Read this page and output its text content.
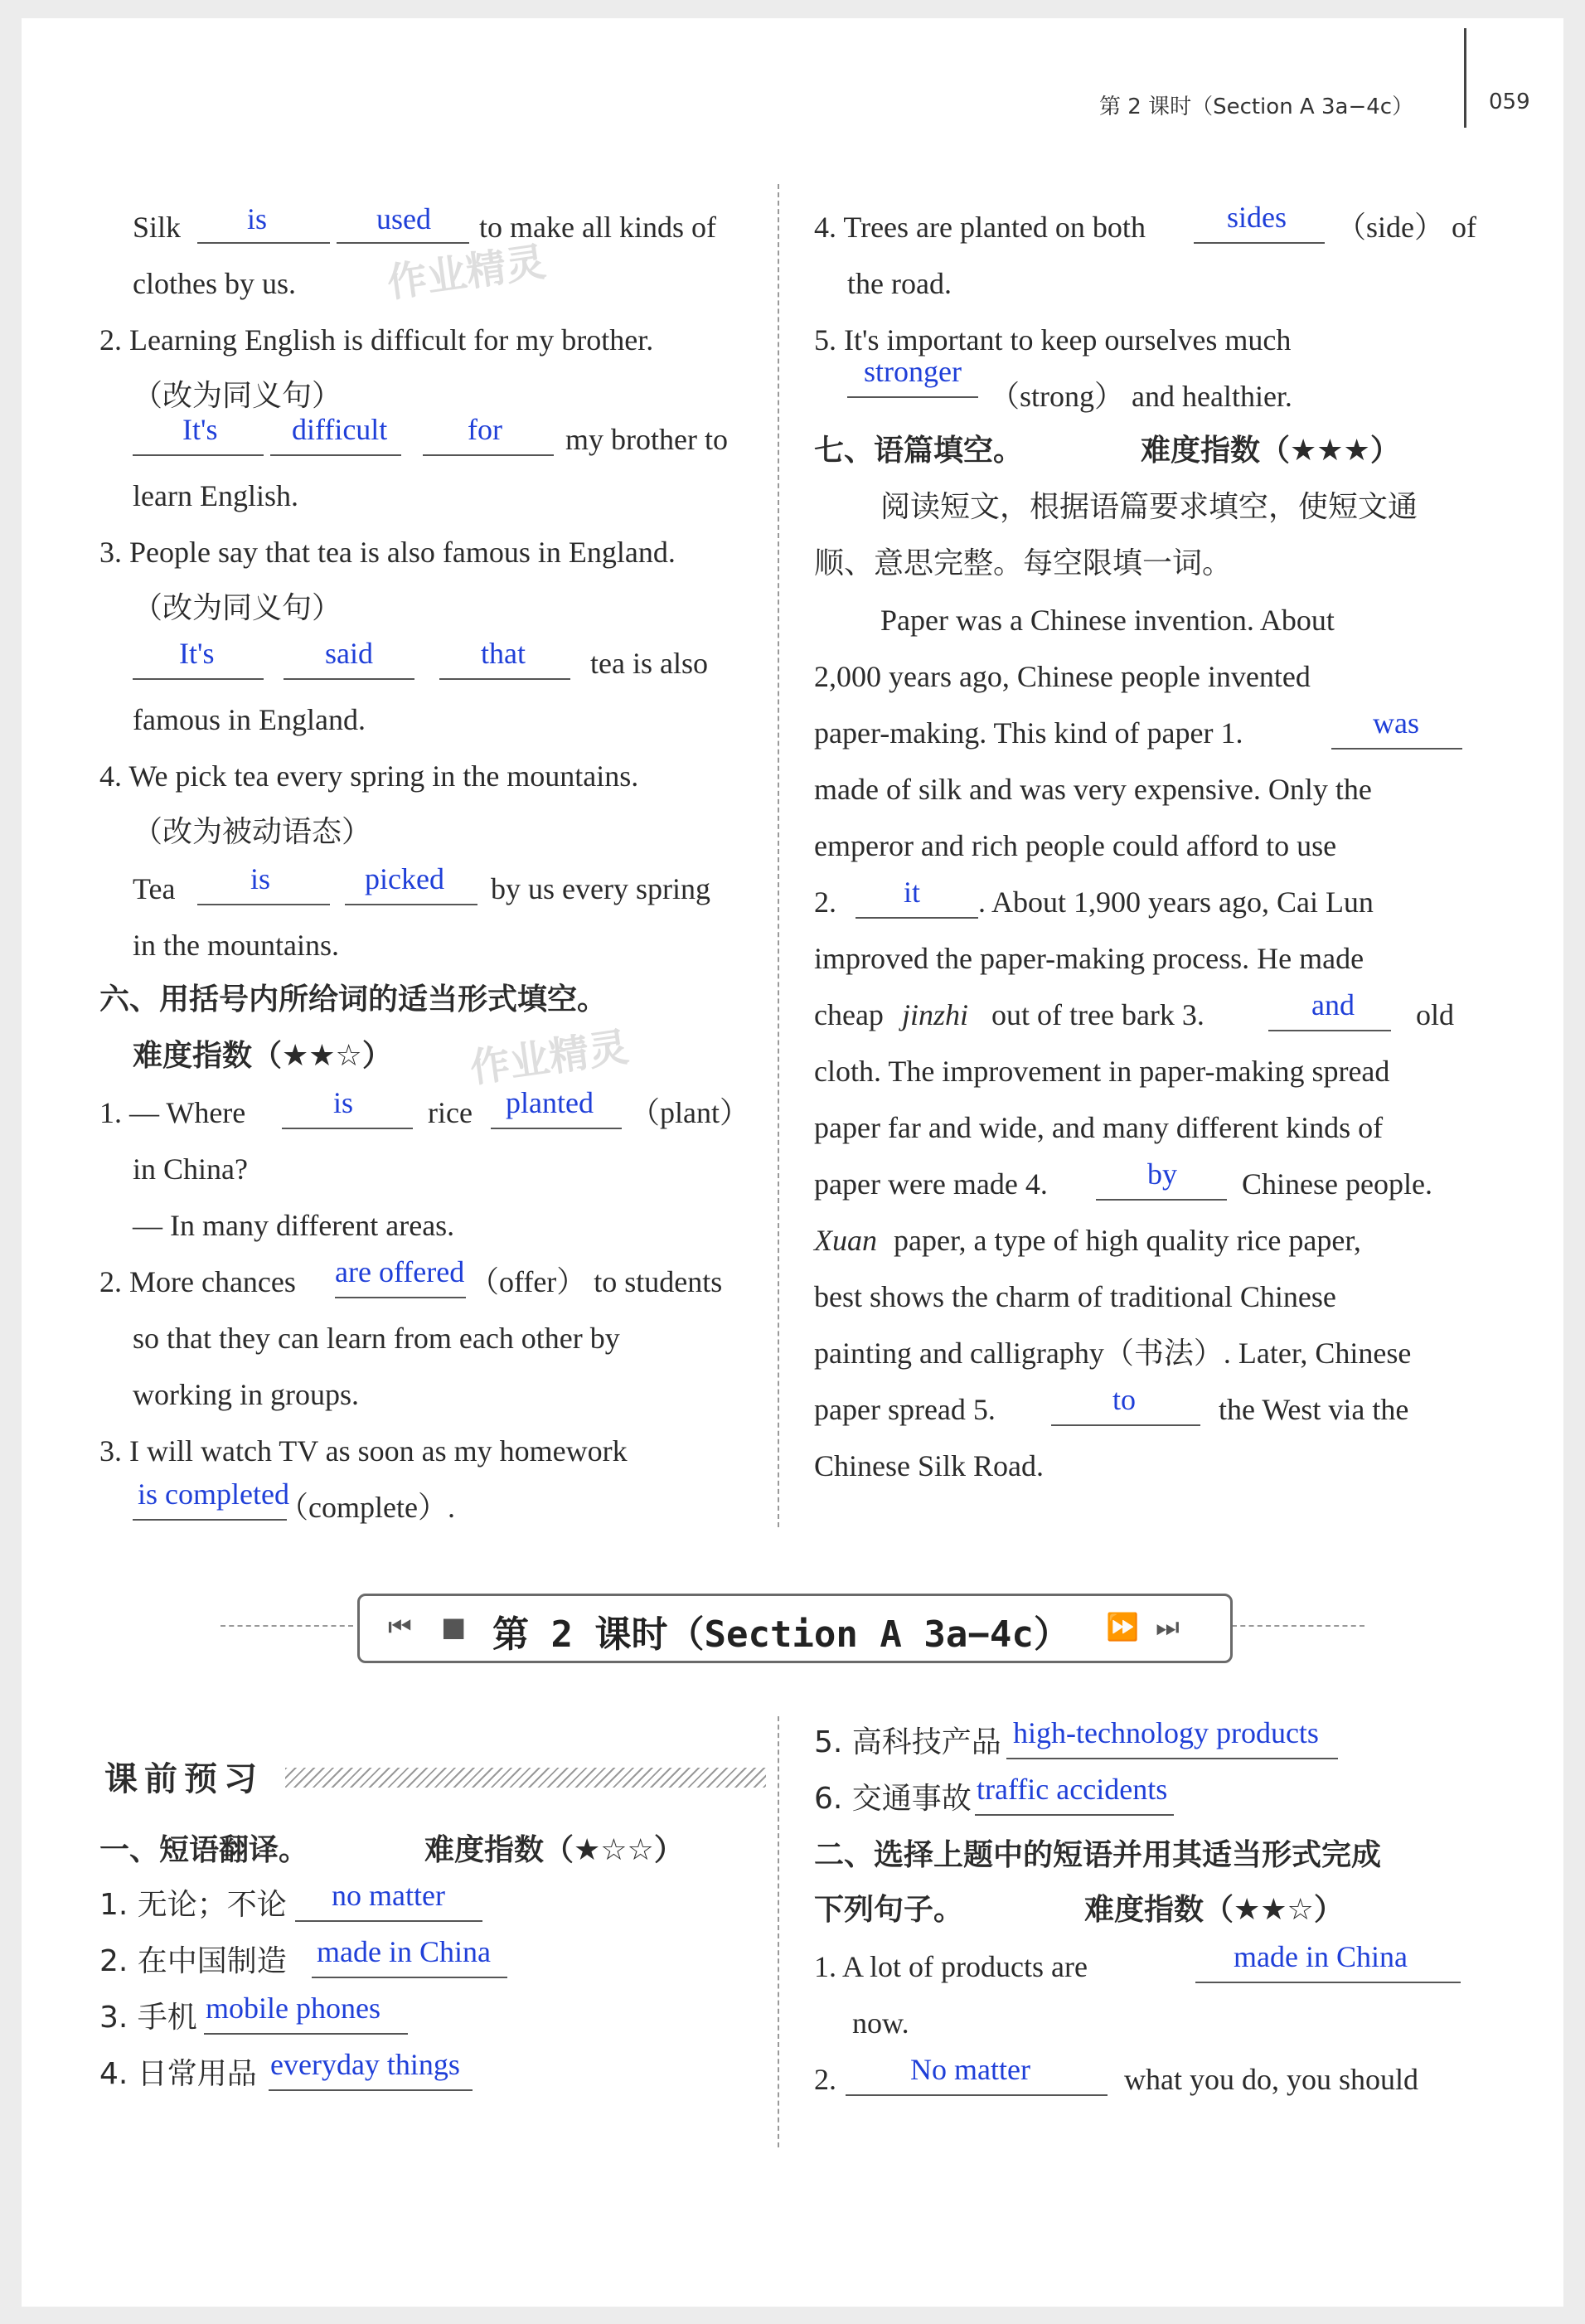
第 2 课时（Section A 3a−4c）	059
作业精灵
作业精灵
Silk is	used to make all kinds of
clothes by us.
2. Learning English is difficult for my brother.
（改为同义句）
It's difficult	for my brother to
learn English.
3. People say that tea is also famous in England.
（改为同义句）
It's	said	that tea is also
famous in England.
4. We pick tea every spring in the mountains.
（改为被动语态）
Tea	is	picked by us every spring
in the mountains.
六、用括号内所给词的适当形式填空。
难度指数（★★☆）
1. — Where	is rice planted （plant）
in China?
— In many different areas.
2. More chances are offered （offer） to students
so that they can learn from each other by
working in groups.
3. I will watch TV as soon as my homework
is completed
（complete）.
4. Trees are planted on both	sides （side） of
the road.
5. It's important to keep ourselves much
stronger
（strong） and healthier.
七、语篇填空。	难度指数（★★★）
阅读短文，根据语篇要求填空，使短文通
顺、意思完整。每空限填一词。
Paper was a Chinese invention. About
2,000 years ago, Chinese people invented
paper-making. This kind of paper 1.	was
made of silk and was very expensive. Only the
emperor and rich people could afford to use
2. it . About 1,900 years ago, Cai Lun
improved the paper-making process. He made
cheap jinzhi out of tree bark 3.	and old
cloth. The improvement in paper-making spread
paper far and wide, and many different kinds of
paper were made 4.	by Chinese people.
Xuan paper, a type of high quality rice paper,
best shows the charm of traditional Chinese
painting and calligraphy（书法）. Later, Chinese
paper spread 5.	to	the West via the
Chinese Silk Road.
⏮ ■ 第 2 课时（Section A 3a−4c） ⏩ ⏭
课前预习
一、短语翻译。	难度指数（★☆☆）
1. 无论；不论 no matter
2. 在中国制造 made in China
3. 手机 mobile phones
4. 日常用品 everyday things
5. 高科技产品 high-technology products
6. 交通事故 traffic accidents
二、选择上题中的短语并用其适当形式完成
下列句子。	难度指数（★★☆）
1. A lot of products are	made in China
now.
2. No matter	what you do, you should
